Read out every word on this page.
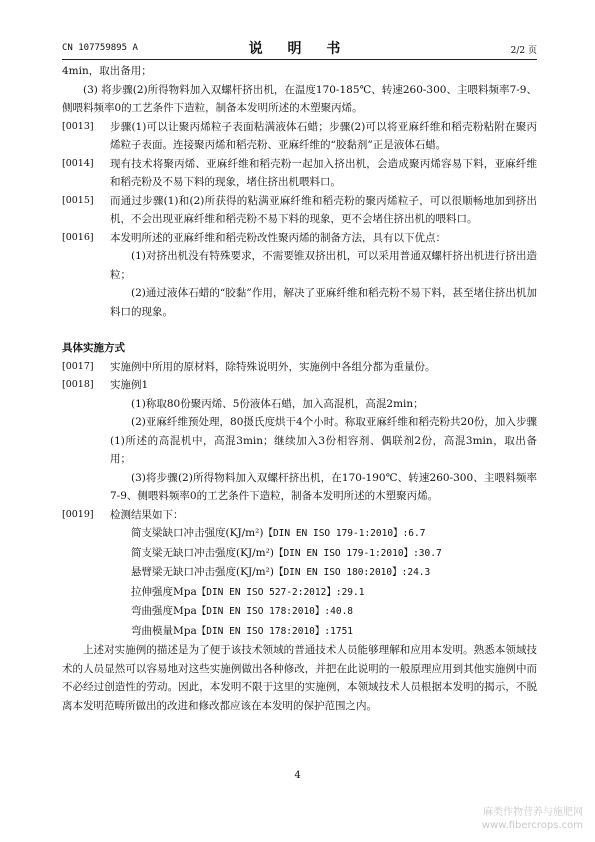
CN 107759895 A	说 明 书	2/2 页

4min，取出备用；

(3) 将步骤(2)所得物料加入双螺杆挤出机，在温度170-185℃、转速260-300、主喂料频率7-9、侧喂料频率0的工艺条件下造粒，制备本发明所述的木塑聚丙烯。

[0013]	步骤(1)可以让聚丙烯粒子表面粘满液体石蜡；步骤(2)可以将亚麻纤维和稻壳粉粘附在聚丙烯粒子表面。连接聚丙烯和稻壳粉、亚麻纤维的“胶黏剂”正是液体石蜡。
[0014]	现有技术将聚丙烯、亚麻纤维和稻壳粉一起加入挤出机，会造成聚丙烯容易下料，亚麻纤维和稻壳粉及不易下料的现象，堵住挤出机喂料口。
[0015]	而通过步骤(1)和(2)所获得的粘满亚麻纤维和稻壳粉的聚丙烯粒子，可以很顺畅地加到挤出机，不会出现亚麻纤维和稻壳粉不易下料的现象，更不会堵住挤出机的喂料口。
[0016]	本发明所述的亚麻纤维和稻壳粉改性聚丙烯的制备方法，具有以下优点：
(1)对挤出机没有特殊要求，不需要锥双挤出机，可以采用普通双螺杆挤出机进行挤出造粒；
(2)通过液体石蜡的“胶黏”作用，解决了亚麻纤维和稻壳粉不易下料，甚至堵住挤出机加料口的现象。

具体实施方式

[0017]	实施例中所用的原材料，除特殊说明外，实施例中各组分都为重量份。
[0018]	实施例1
(1)称取80份聚丙烯、5份液体石蜡，加入高混机，高混2min；
(2)亚麻纤维预处理，80摄氏度烘干4个小时。称取亚麻纤维和稻壳粉共20份，加入步骤(1)所述的高混机中，高混3min；继续加入3份相容剂、偶联剂2份，高混3min，取出备用；
(3)将步骤(2)所得物料加入双螺杆挤出机，在170-190℃、转速260-300、主喂料频率7-9、侧喂料频率0的工艺条件下造粒，制备本发明所述的木塑聚丙烯。
[0019]	检测结果如下：
简支梁缺口冲击强度(KJ/m²)【DIN EN ISO 179-1:2010】:6.7
简支梁无缺口冲击强度(KJ/m²)【DIN EN ISO 179-1:2010】:30.7
悬臂梁无缺口冲击强度(KJ/m²)【DIN EN ISO 180:2010】:24.3
拉伸强度Mpa【DIN EN ISO 527-2:2012】:29.1
弯曲强度Mpa【DIN EN ISO 178:2010】:40.8
弯曲模量Mpa【DIN EN ISO 178:2010】:1751

上述对实施例的描述是为了便于该技术领域的普通技术人员能够理解和应用本发明。熟悉本领域技术的人员显然可以容易地对这些实施例做出各种修改，并把在此说明的一般原理应用到其他实施例中而不必经过创造性的劳动。因此，本发明不限于这里的实施例，本领域技术人员根据本发明的揭示，不脱离本发明范畴所做出的改进和修改都应该在本发明的保护范围之内。

4
麻类作物营养与施肥网
www.fibercrops.com
